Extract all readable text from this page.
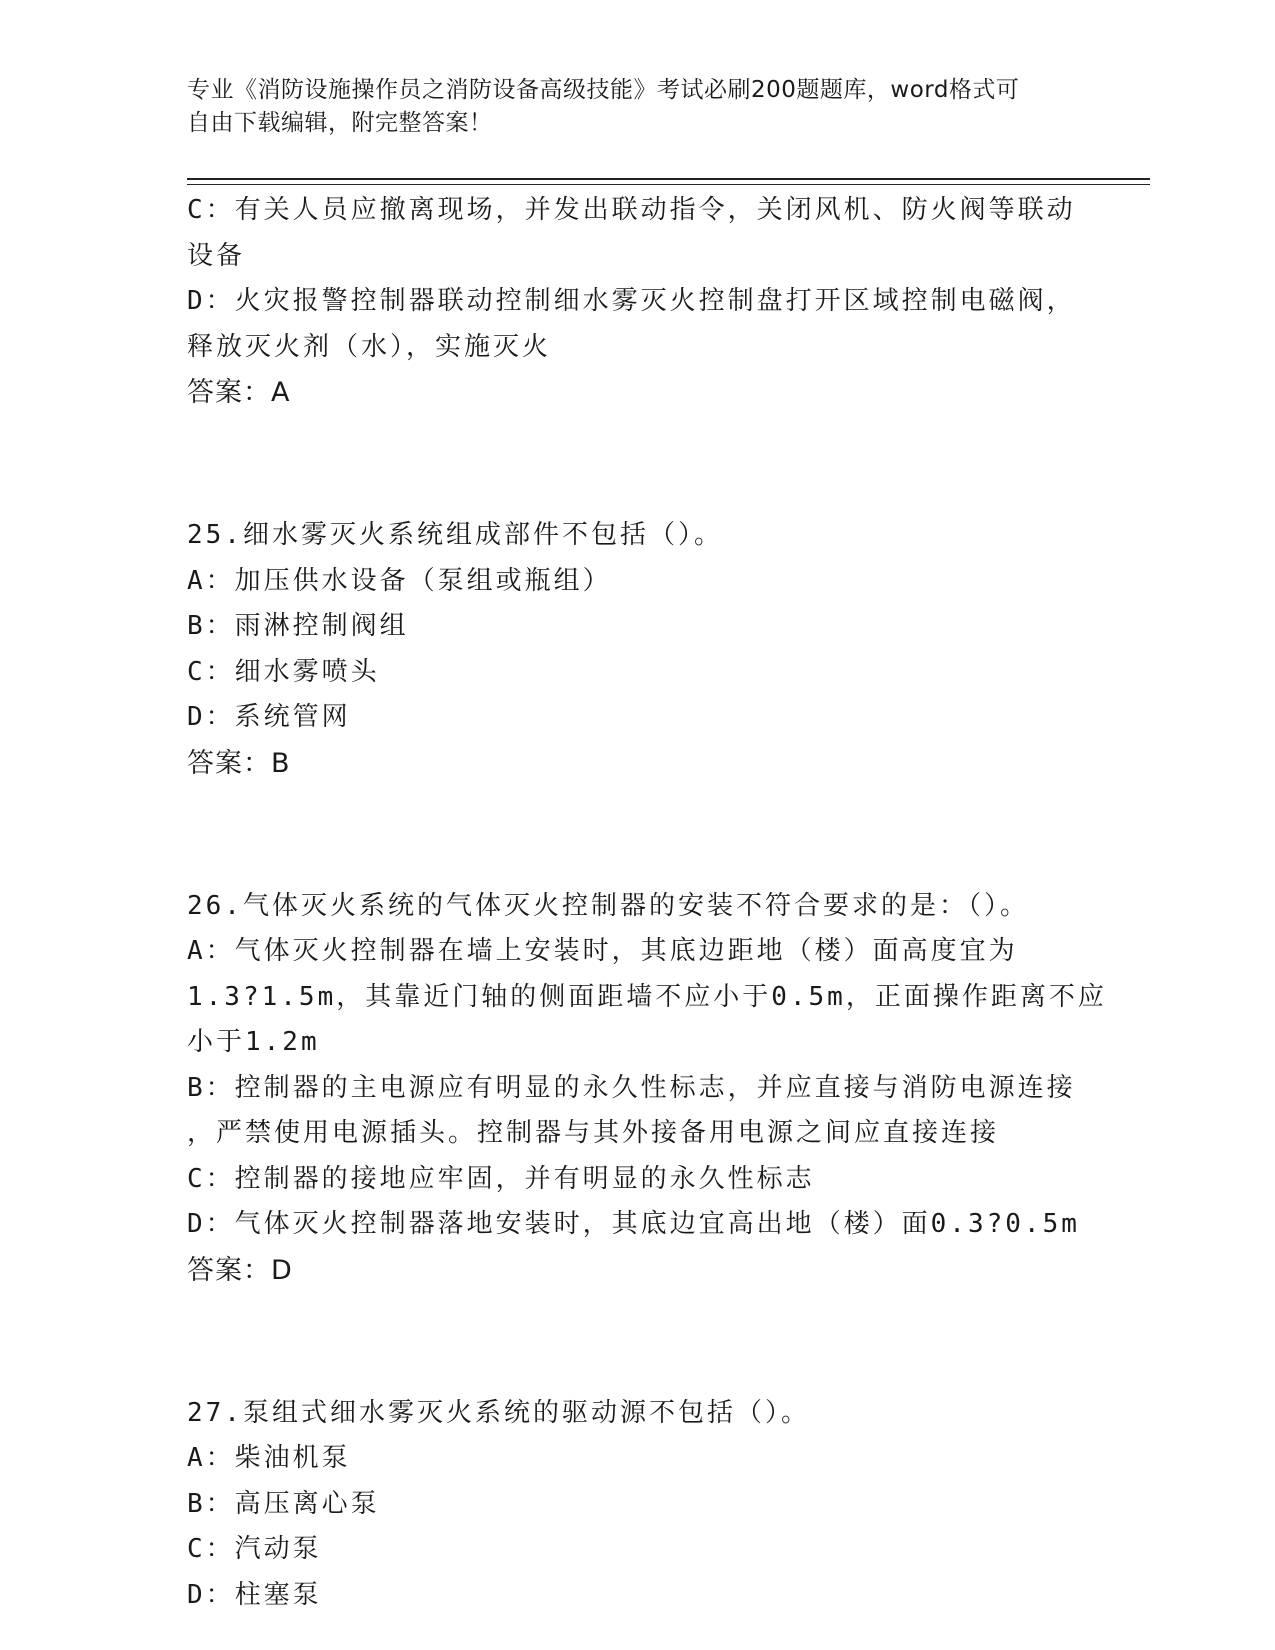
专业《消防设施操作员之消防设备高级技能》考试必刷200题题库，word格式可

自由下载编辑，附完整答案！

C：有关人员应撤离现场，并发出联动指令，关闭风机、防火阀等联动

设备

D：火灾报警控制器联动控制细水雾灭火控制盘打开区域控制电磁阀，

释放灭火剂（水），实施灭火

答案：A

25.细水雾灭火系统组成部件不包括（）。

A：加压供水设备（泵组或瓶组）

B：雨淋控制阀组

C：细水雾喷头

D：系统管网

答案：B

26.气体灭火系统的气体灭火控制器的安装不符合要求的是：（）。

A：气体灭火控制器在墙上安装时，其底边距地（楼）面高度宜为

1.3?1.5m，其靠近门轴的侧面距墙不应小于0.5m，正面操作距离不应

小于1.2m

B：控制器的主电源应有明显的永久性标志，并应直接与消防电源连接

，严禁使用电源插头。控制器与其外接备用电源之间应直接连接

C：控制器的接地应牢固，并有明显的永久性标志

D：气体灭火控制器落地安装时，其底边宜高出地（楼）面0.3?0.5m

答案：D

27.泵组式细水雾灭火系统的驱动源不包括（）。

A：柴油机泵

B：高压离心泵

C：汽动泵

D：柱塞泵
